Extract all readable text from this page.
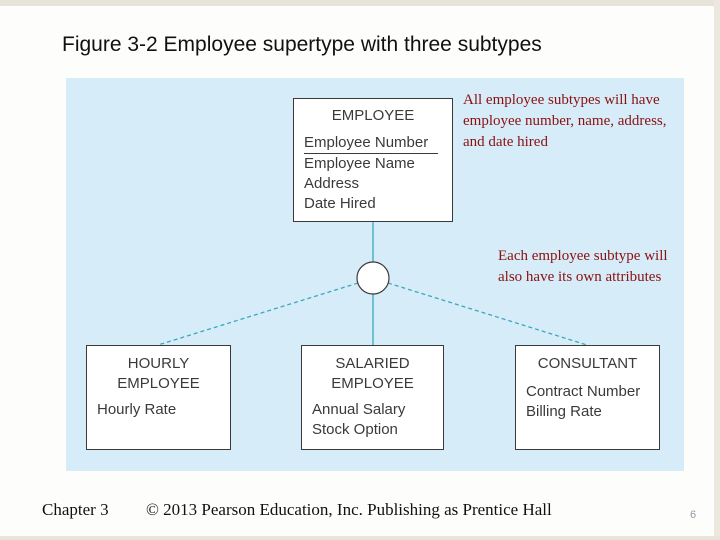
Figure 3-2 Employee supertype with three subtypes
EMPLOYEE
Employee Number
Employee Name
Address
Date Hired
HOURLY
EMPLOYEE
Hourly Rate
SALARIED
EMPLOYEE
Annual Salary
Stock Option
CONSULTANT
Contract Number
Billing Rate
All employee subtypes will have employee number, name, address, and date hired
Each employee subtype will also have its own attributes
Chapter 3 © 2013 Pearson Education, Inc. Publishing as Prentice Hall	6
